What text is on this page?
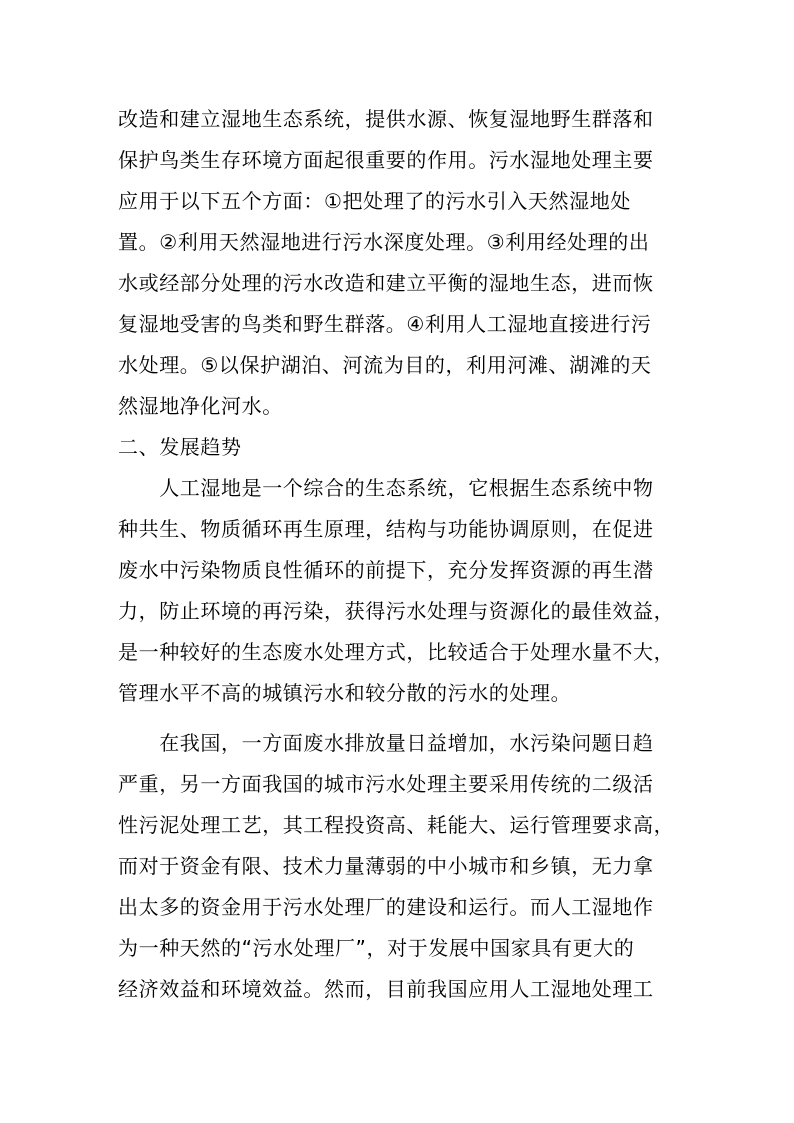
改造和建立湿地生态系统，提供水源、恢复湿地野生群落和
保护鸟类生存环境方面起很重要的作用。污水湿地处理主要
应用于以下五个方面：①把处理了的污水引入天然湿地处
置。②利用天然湿地进行污水深度处理。③利用经处理的出
水或经部分处理的污水改造和建立平衡的湿地生态，进而恢
复湿地受害的鸟类和野生群落。④利用人工湿地直接进行污
水处理。⑤以保护湖泊、河流为目的，利用河滩、湖滩的天
然湿地净化河水。
二、发展趋势
　　人工湿地是一个综合的生态系统，它根据生态系统中物
种共生、物质循环再生原理，结构与功能协调原则，在促进
废水中污染物质良性循环的前提下，充分发挥资源的再生潜
力，防止环境的再污染，获得污水处理与资源化的最佳效益，
是一种较好的生态废水处理方式，比较适合于处理水量不大，
管理水平不高的城镇污水和较分散的污水的处理。
　　在我国，一方面废水排放量日益增加，水污染问题日趋
严重，另一方面我国的城市污水处理主要采用传统的二级活
性污泥处理工艺，其工程投资高、耗能大、运行管理要求高，
而对于资金有限、技术力量薄弱的中小城市和乡镇，无力拿
出太多的资金用于污水处理厂的建设和运行。而人工湿地作
为一种天然的“污水处理厂”，对于发展中国家具有更大的
经济效益和环境效益。然而，目前我国应用人工湿地处理工
